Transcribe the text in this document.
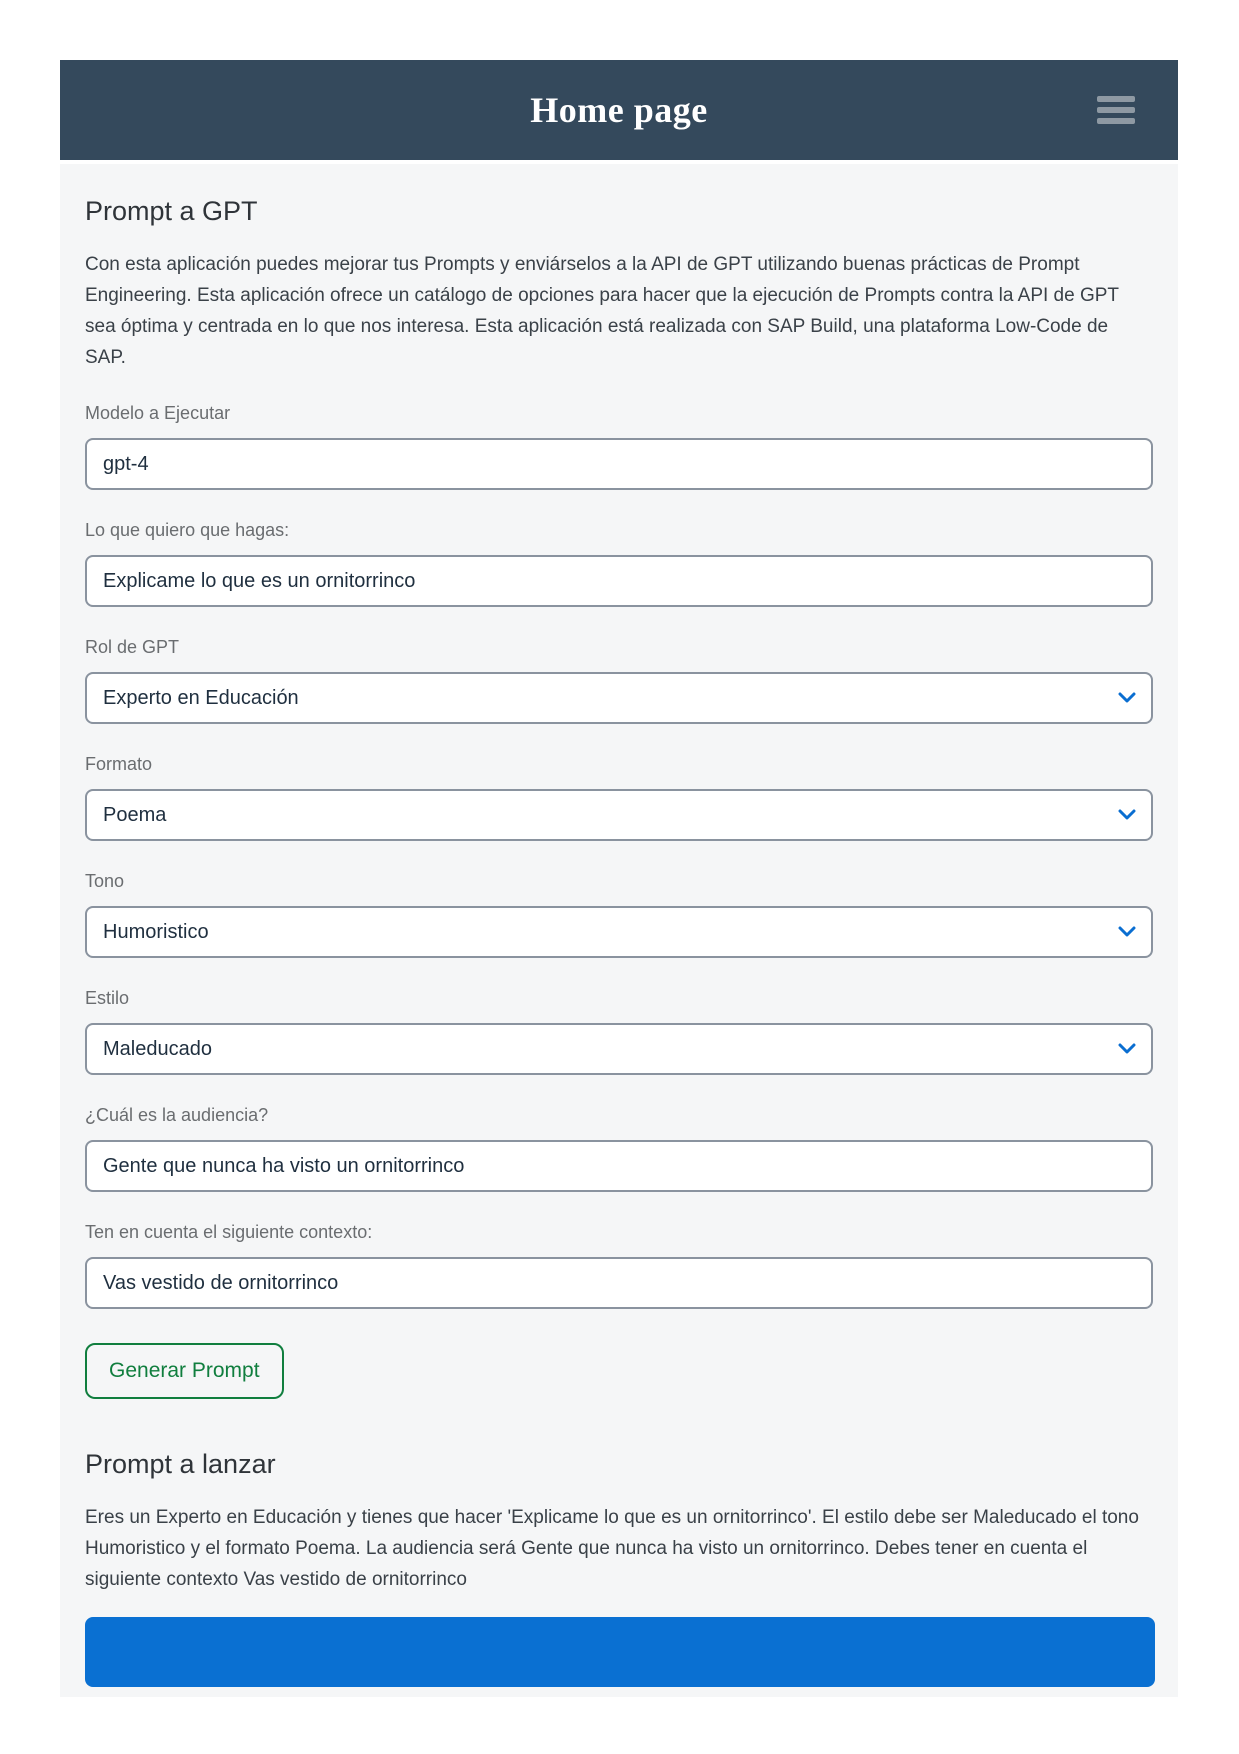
Home page
Prompt a GPT

Con esta aplicación puedes mejorar tus Prompts y enviárselos a la API de GPT utilizando buenas prácticas de Prompt Engineering. Esta aplicación ofrece un catálogo de opciones para hacer que la ejecución de Prompts contra la API de GPT sea óptima y centrada en lo que nos interesa. Esta aplicación está realizada con SAP Build, una plataforma Low-Code de SAP.

Modelo a Ejecutar
gpt-4
Lo que quiero que hagas:
Explicame lo que es un ornitorrinco
Rol de GPT
Experto en Educación
Formato
Poema
Tono
Humoristico
Estilo
Maleducado
¿Cuál es la audiencia?
Gente que nunca ha visto un ornitorrinco
Ten en cuenta el siguiente contexto:
Vas vestido de ornitorrinco
Generar Prompt
Prompt a lanzar

Eres un Experto en Educación y tienes que hacer 'Explicame lo que es un ornitorrinco'. El estilo debe ser Maleducado el tono Humoristico y el formato Poema. La audiencia será Gente que nunca ha visto un ornitorrinco. Debes tener en cuenta el siguiente contexto Vas vestido de ornitorrinco
